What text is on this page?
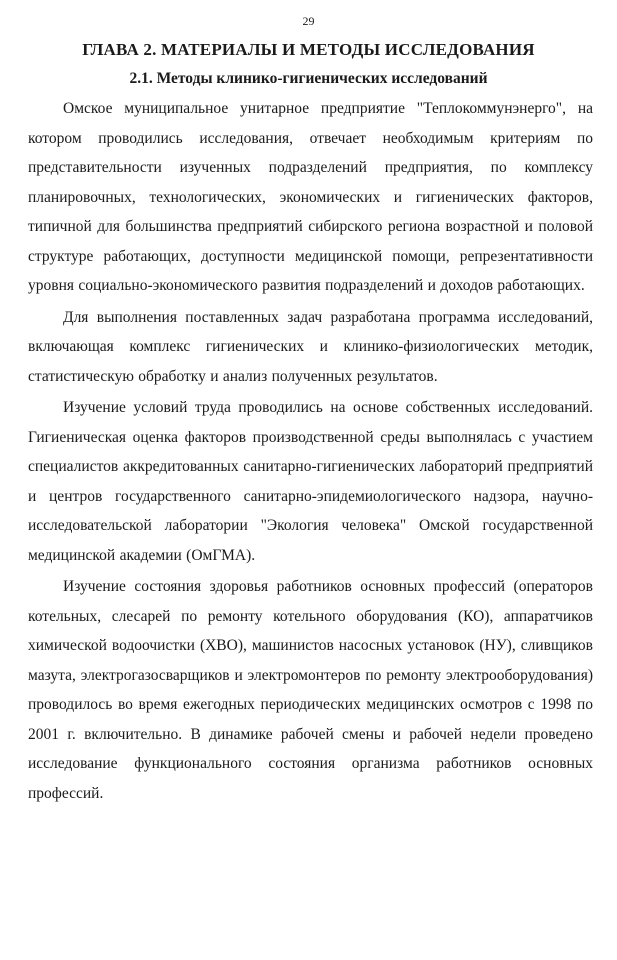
29
ГЛАВА 2. МАТЕРИАЛЫ И МЕТОДЫ ИССЛЕДОВАНИЯ
2.1. Методы клинико-гигиенических исследований

Омское муниципальное унитарное предприятие "Теплокоммунэнерго", на котором проводились исследования, отвечает необходимым критериям по представительности изученных подразделений предприятия, по комплексу планировочных, технологических, экономических и гигиенических факторов, типичной для большинства предприятий сибирского региона возрастной и половой структуре работающих, доступности медицинской помощи, репрезентативности уровня социально-экономического развития подразделений и доходов работающих.

Для выполнения поставленных задач разработана программа исследований, включающая комплекс гигиенических и клинико-физиологических методик, статистическую обработку и анализ полученных результатов.

Изучение условий труда проводились на основе собственных исследований. Гигиеническая оценка факторов производственной среды выполнялась с участием специалистов аккредитованных санитарно-гигиенических лабораторий предприятий и центров государственного санитарно-эпидемиологического надзора, научно-исследовательской лаборатории "Экология человека" Омской государственной медицинской академии (ОмГМА).

Изучение состояния здоровья работников основных профессий (операторов котельных, слесарей по ремонту котельного оборудования (КО), аппаратчиков химической водоочистки (ХВО), машинистов насосных установок (НУ), сливщиков мазута, электрогазосварщиков и электромонтеров по ремонту электрооборудования) проводилось во время ежегодных периодических медицинских осмотров с 1998 по 2001 г. включительно. В динамике рабочей смены и рабочей недели проведено исследование функционального состояния организма работников основных профессий.
